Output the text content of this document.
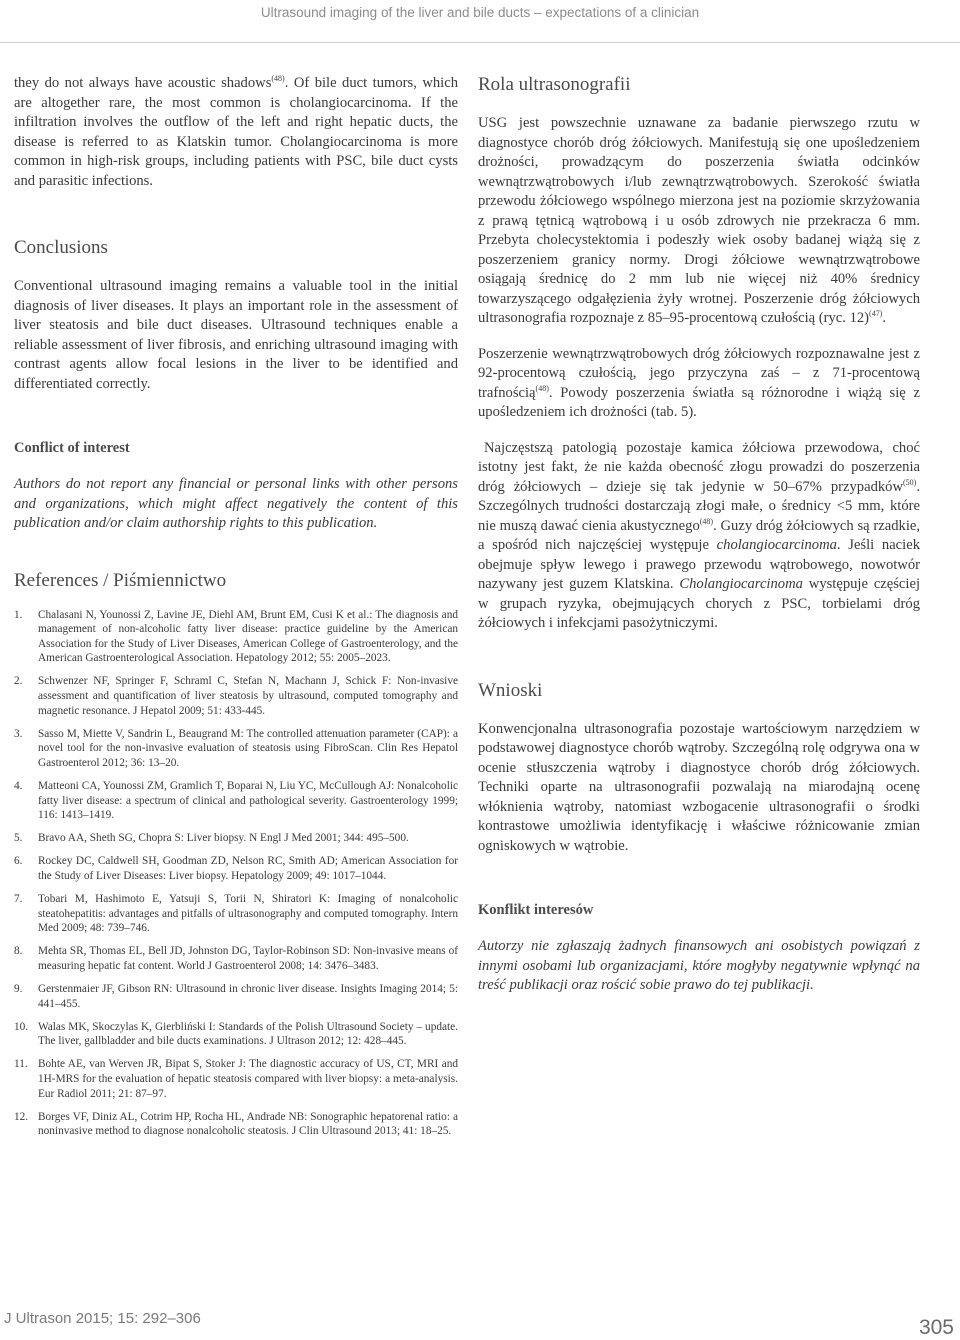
Ultrasound imaging of the liver and bile ducts – expectations of a clinician

they do not always have acoustic shadows$^{(48)}$. Of bile duct tumors, which are altogether rare, the most common is cholangiocarcinoma. If the infiltration involves the outflow of the left and right hepatic ducts, the disease is referred to as Klatskin tumor. Cholangiocarcinoma is more common in high-risk groups, including patients with PSC, bile duct cysts and parasitic infections.

Conclusions

Conventional ultrasound imaging remains a valuable tool in the initial diagnosis of liver diseases. It plays an important role in the assessment of liver steatosis and bile duct diseases. Ultrasound techniques enable a reliable assessment of liver fibrosis, and enriching ultrasound imaging with contrast agents allow focal lesions in the liver to be identified and differentiated correctly.

Conflict of interest

Authors do not report any financial or personal links with other persons and organizations, which might affect negatively the content of this publication and/or claim authorship rights to this publication.

References / Piśmiennictwo
1. Chalasani N, Younossi Z, Lavine JE, Diehl AM, Brunt EM, Cusi K et al.: The diagnosis and management of non-alcoholic fatty liver disease: practice guideline by the American Association for the Study of Liver Diseases, American College of Gastroenterology, and the American Gastroenterological Association. Hepatology 2012; 55: 2005–2023.
2. Schwenzer NF, Springer F, Schraml C, Stefan N, Machann J, Schick F: Non-invasive assessment and quantification of liver steatosis by ultrasound, computed tomography and magnetic resonance. J Hepatol 2009; 51: 433-445.
3. Sasso M, Miette V, Sandrin L, Beaugrand M: The controlled attenuation parameter (CAP): a novel tool for the non-invasive evaluation of steatosis using FibroScan. Clin Res Hepatol Gastroenterol 2012; 36: 13–20.
4. Matteoni CA, Younossi ZM, Gramlich T, Boparai N, Liu YC, McCullough AJ: Nonalcoholic fatty liver disease: a spectrum of clinical and pathological severity. Gastroenterology 1999; 116: 1413–1419.
5. Bravo AA, Sheth SG, Chopra S: Liver biopsy. N Engl J Med 2001; 344: 495–500.
6. Rockey DC, Caldwell SH, Goodman ZD, Nelson RC, Smith AD; American Association for the Study of Liver Diseases: Liver biopsy. Hepatology 2009; 49: 1017–1044.
7. Tobari M, Hashimoto E, Yatsuji S, Torii N, Shiratori K: Imaging of nonalcoholic steatohepatitis: advantages and pitfalls of ultrasonography and computed tomography. Intern Med 2009; 48: 739–746.
8. Mehta SR, Thomas EL, Bell JD, Johnston DG, Taylor-Robinson SD: Non-invasive means of measuring hepatic fat content. World J Gastroenterol 2008; 14: 3476–3483.
9. Gerstenmaier JF, Gibson RN: Ultrasound in chronic liver disease. Insights Imaging 2014; 5: 441–455.
10. Walas MK, Skoczylas K, Gierbliński I: Standards of the Polish Ultrasound Society – update. The liver, gallbladder and bile ducts examinations. J Ultrason 2012; 12: 428–445.
11. Bohte AE, van Werven JR, Bipat S, Stoker J: The diagnostic accuracy of US, CT, MRI and 1H-MRS for the evaluation of hepatic steatosis compared with liver biopsy: a meta-analysis. Eur Radiol 2011; 21: 87–97.
12. Borges VF, Diniz AL, Cotrim HP, Rocha HL, Andrade NB: Sonographic hepatorenal ratio: a noninvasive method to diagnose nonalcoholic steatosis. J Clin Ultrasound 2013; 41: 18–25.
Rola ultrasonografii

USG jest powszechnie uznawane za badanie pierwszego rzutu w diagnostyce chorób dróg żółciowych. Manifestują się one upośledzeniem drożności, prowadzącym do poszerzenia światła odcinków wewnątrzwątrobowych i/lub zewnątrzwątrobowych. Szerokość światła przewodu żółciowego wspólnego mierzona jest na poziomie skrzyżowania z prawą tętnicą wątrobową i u osób zdrowych nie przekracza 6 mm. Przebyta cholecystektomia i podeszły wiek osoby badanej wiążą się z poszerzeniem granicy normy. Drogi żółciowe wewnątrzwątrobowe osiągają średnicę do 2 mm lub nie więcej niż 40% średnicy towarzyszącego odgałęzienia żyły wrotnej. Poszerzenie dróg żółciowych ultrasonografia rozpoznaje z 85–95-procentową czułością (ryc. 12)$^{(47)}$.

Poszerzenie wewnątrzwątrobowych dróg żółciowych rozpoznawalne jest z 92-procentową czułością, jego przyczyna zaś – z 71-procentową trafnością$^{(48)}$. Powody poszerzenia światła są różnorodne i wiążą się z upośledzeniem ich drożności (tab. 5).

Najczęstszą patologią pozostaje kamica żółciowa przewodowa, choć istotny jest fakt, że nie każda obecność złogu prowadzi do poszerzenia dróg żółciowych – dzieje się tak jedynie w 50–67% przypadków$^{(50)}$. Szczególnych trudności dostarczają złogi małe, o średnicy <5 mm, które nie muszą dawać cienia akustycznego$^{(48)}$. Guzy dróg żółciowych są rzadkie, a spośród nich najczęściej występuje cholangiocarcinoma. Jeśli naciek obejmuje spływ lewego i prawego przewodu wątrobowego, nowotwór nazywany jest guzem Klatskina. Cholangiocarcinoma występuje częściej w grupach ryzyka, obejmujących chorych z PSC, torbielami dróg żółciowych i infekcjami pasożytniczymi.

Wnioski

Konwencjonalna ultrasonografia pozostaje wartościowym narzędziem w podstawowej diagnostyce chorób wątroby. Szczególną rolę odgrywa ona w ocenie stłuszczenia wątroby i diagnostyce chorób dróg żółciowych. Techniki oparte na ultrasonografii pozwalają na miarodajną ocenę włóknienia wątroby, natomiast wzbogacenie ultrasonografii o środki kontrastowe umożliwia identyfikację i właściwe różnicowanie zmian ogniskowych w wątrobie.

Konflikt interesów

Autorzy nie zgłaszają żadnych finansowych ani osobistych powiązań z innymi osobami lub organizacjami, które mogłyby negatywnie wpłynąć na treść publikacji oraz rościć sobie prawo do tej publikacji.

J Ultrason 2015; 15: 292–306	305
